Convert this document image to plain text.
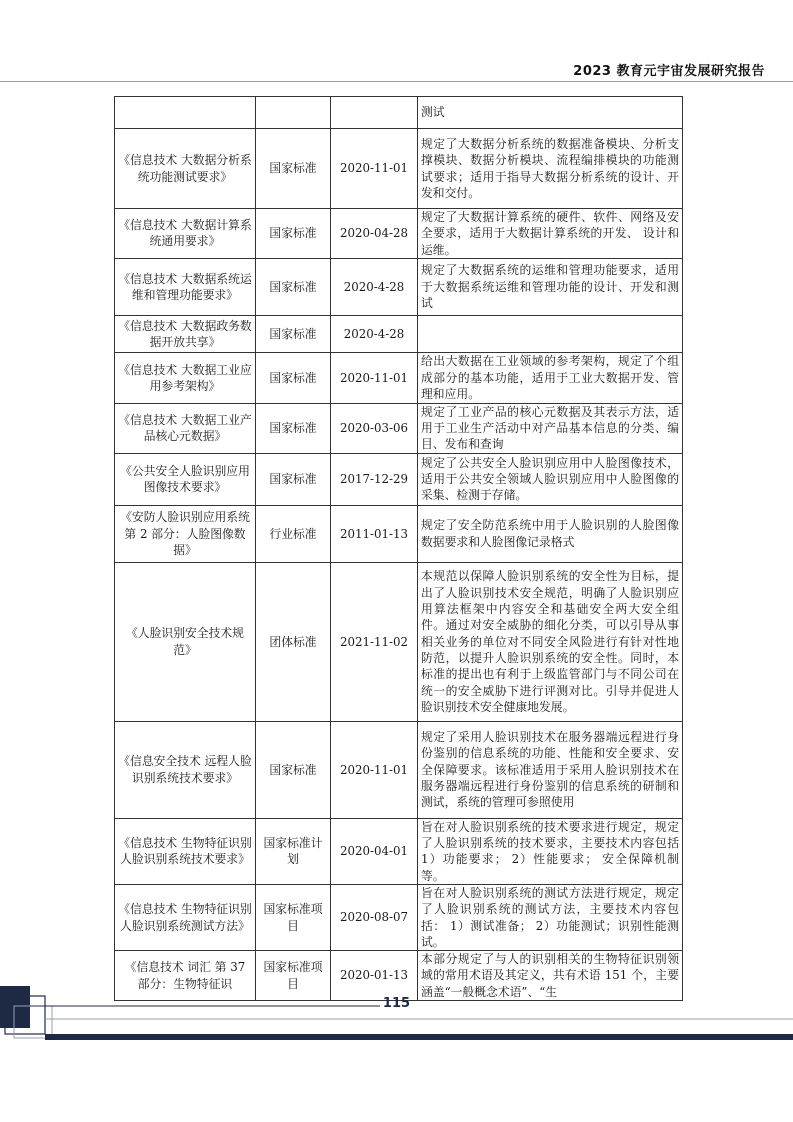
2023 教育元宇宙发展研究报告
			测试
《信息技术 大数据分析系统功能测试要求》	国家标准	2020-11-01	规定了大数据分析系统的数据准备模块、分析支撑模块、数据分析模块、流程编排模块的功能测试要求；适用于指导大数据分析系统的设计、开发和交付。
《信息技术 大数据计算系统通用要求》	国家标准	2020-04-28	规定了大数据计算系统的硬件、软件、网络及安全要求，适用于大数据计算系统的开发、 设计和运维。
《信息技术 大数据系统运维和管理功能要求》	国家标准	2020-4-28	规定了大数据系统的运维和管理功能要求，适用于大数据系统运维和管理功能的设计、开发和测试
《信息技术 大数据政务数据开放共享》	国家标准	2020-4-28	
《信息技术 大数据工业应用参考架构》	国家标准	2020-11-01	给出大数据在工业领域的参考架构，规定了个组成部分的基本功能，适用于工业大数据开发、管理和应用。
《信息技术 大数据工业产品核心元数据》	国家标准	2020-03-06	规定了工业产品的核心元数据及其表示方法，适用于工业生产活动中对产品基本信息的分类、编目、发布和查询
《公共安全人脸识别应用图像技术要求》	国家标准	2017-12-29	规定了公共安全人脸识别应用中人脸图像技术，适用于公共安全领域人脸识别应用中人脸图像的采集、检测于存储。
《安防人脸识别应用系统第 2 部分：人脸图像数据》	行业标准	2011-01-13	规定了安全防范系统中用于人脸识别的人脸图像数据要求和人脸图像记录格式
《人脸识别安全技术规范》	团体标准	2021-11-02	本规范以保障人脸识别系统的安全性为目标，提出了人脸识别技术安全规范，明确了人脸识别应用算法框架中内容安全和基础安全两大安全组件。通过对安全威胁的细化分类，可以引导从事相关业务的单位对不同安全风险进行有针对性地防范，以提升人脸识别系统的安全性。同时，本标准的提出也有利于上级监管部门与不同公司在统一的安全威胁下进行评测对比。引导并促进人脸识别技术安全健康地发展。
《信息安全技术 远程人脸识别系统技术要求》	国家标准	2020-11-01	规定了采用人脸识别技术在服务器端远程进行身份鉴别的信息系统的功能、性能和安全要求、安全保障要求。该标准适用于采用人脸识别技术在服务器端远程进行身份鉴别的信息系统的研制和测试，系统的管理可参照使用
《信息技术 生物特征识别 人脸识别系统技术要求》	国家标准计划	2020-04-01	旨在对人脸识别系统的技术要求进行规定，规定了人脸识别系统的技术要求，主要技术内容包括 1）功能要求； 2）性能要求； 安全保障机制等。
《信息技术 生物特征识别 人脸识别系统测试方法》	国家标准项目	2020-08-07	旨在对人脸识别系统的测试方法进行规定，规定了人脸识别系统的测试方法，主要技术内容包括： 1）测试准备； 2）功能测试；识别性能测试。
《信息技术 词汇 第 37 部分：生物特征识	国家标准项目	2020-01-13	本部分规定了与人的识别相关的生物特征识别领域的常用术语及其定义，共有术语 151 个，主要涵盖“一般概念术语”、“生
115
